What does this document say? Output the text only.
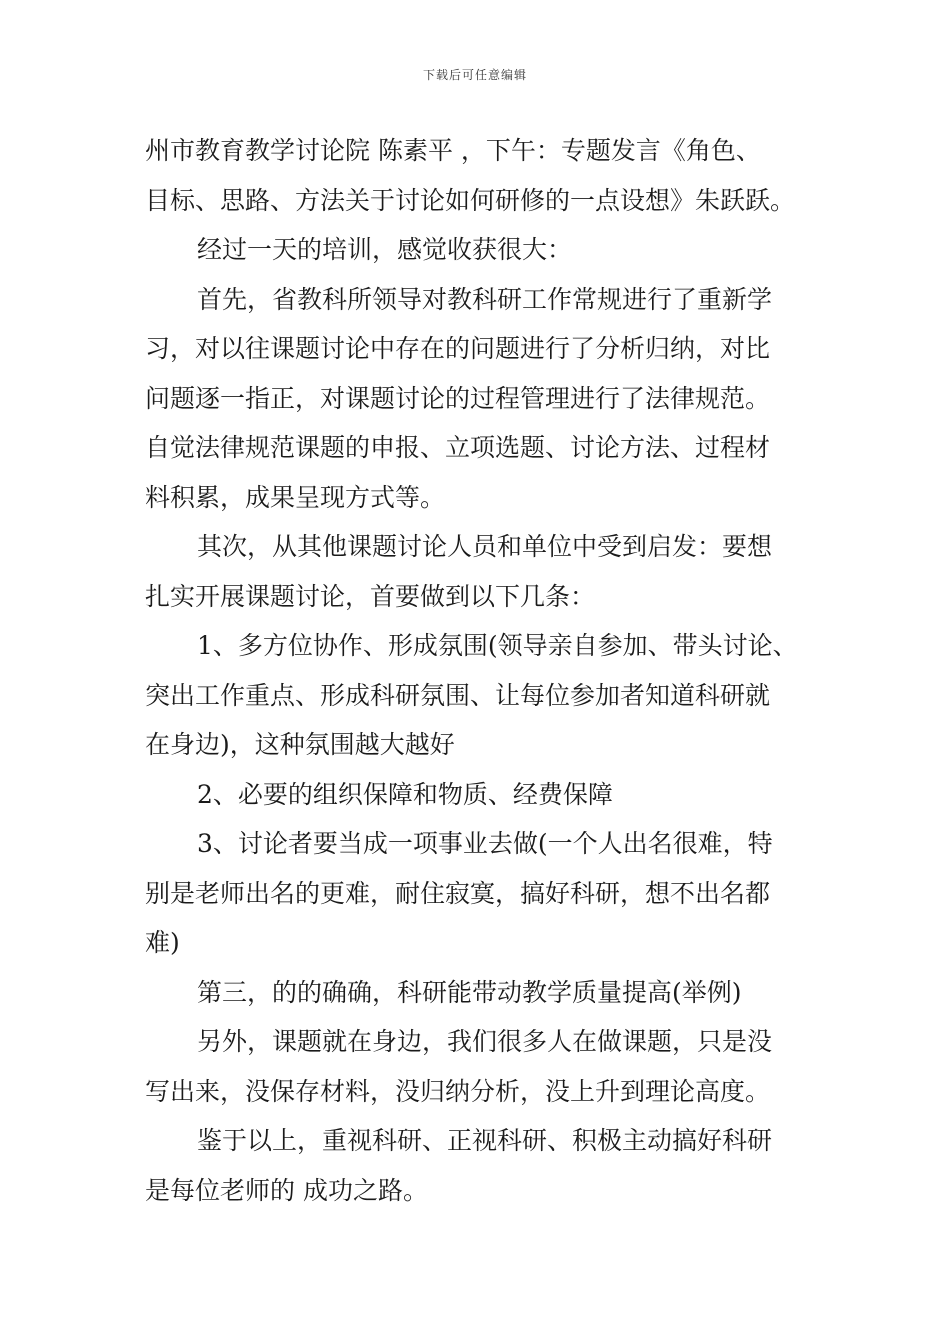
下载后可任意编辑
州市教育教学讨论院 陈素平 ，下午：专题发言《角色、
目标、思路、方法关于讨论如何研修的一点设想》朱跃跃。
经过一天的培训，感觉收获很大：
首先，省教科所领导对教科研工作常规进行了重新学
习，对以往课题讨论中存在的问题进行了分析归纳，对比
问题逐一指正，对课题讨论的过程管理进行了法律规范。
自觉法律规范课题的申报、立项选题、讨论方法、过程材
料积累，成果呈现方式等。
其次，从其他课题讨论人员和单位中受到启发：要想
扎实开展课题讨论，首要做到以下几条：
1、多方位协作、形成氛围(领导亲自参加、带头讨论、
突出工作重点、形成科研氛围、让每位参加者知道科研就
在身边)，这种氛围越大越好
2、必要的组织保障和物质、经费保障
3、讨论者要当成一项事业去做(一个人出名很难，特
别是老师出名的更难，耐住寂寞，搞好科研，想不出名都
难)
第三，的的确确，科研能带动教学质量提高(举例)
另外，课题就在身边，我们很多人在做课题，只是没
写出来，没保存材料，没归纳分析，没上升到理论高度。
鉴于以上，重视科研、正视科研、积极主动搞好科研
是每位老师的 成功之路。
